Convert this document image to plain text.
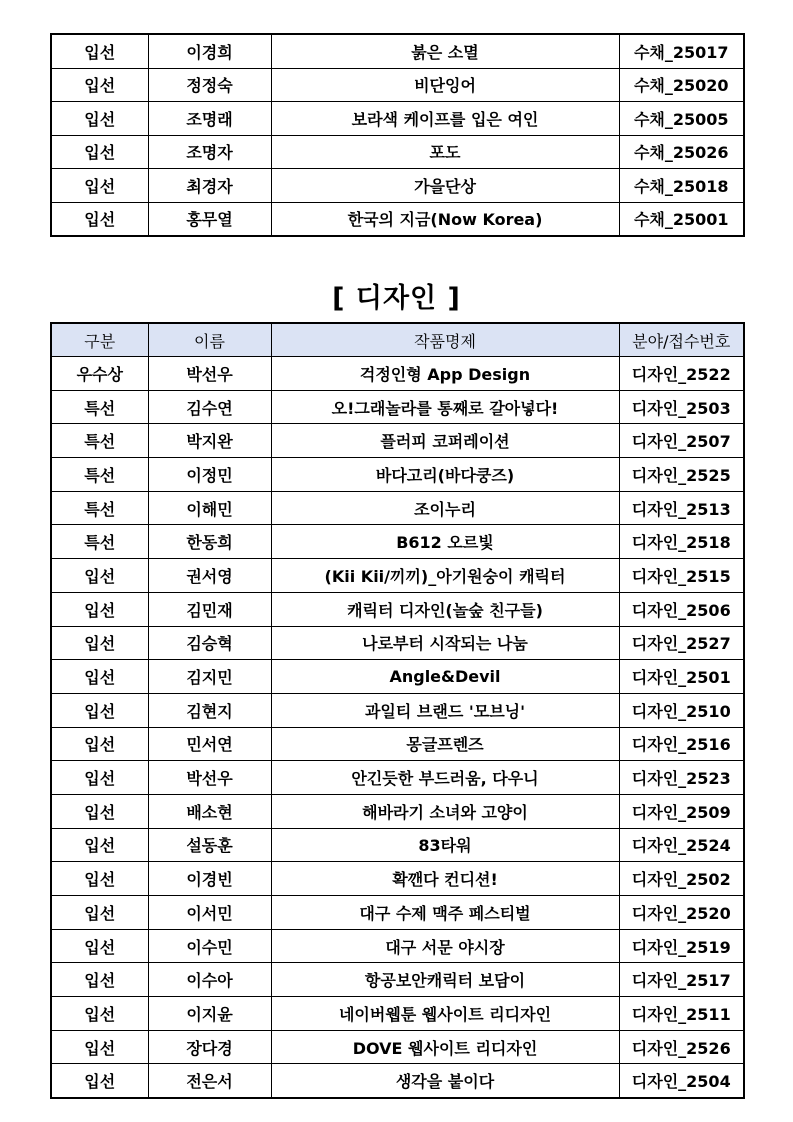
입선	이경희	붉은 소멸	수채_25017
입선	정정숙	비단잉어	수채_25020
입선	조명래	보라색 케이프를 입은 여인	수채_25005
입선	조명자	포도	수채_25026
입선	최경자	가을단상	수채_25018
입선	홍무열	한국의 지금(Now Korea)	수채_25001
[ 디자인 ]
구분	이름	작품명제	분야/접수번호
우수상	박선우	걱정인형 App Design	디자인_2522
특선	김수연	오!그래놀라를 통째로 갈아넣다!	디자인_2503
특선	박지완	플러피 코퍼레이션	디자인_2507
특선	이정민	바다고리(바다쿵즈)	디자인_2525
특선	이해민	조이누리	디자인_2513
특선	한동희	B612 오르빛	디자인_2518
입선	권서영	(Kii Kii/끼끼)_아기원숭이 캐릭터	디자인_2515
입선	김민재	캐릭터 디자인(놀숲 친구들)	디자인_2506
입선	김승혁	나로부터 시작되는 나눔	디자인_2527
입선	김지민	Angle&Devil	디자인_2501
입선	김현지	과일티 브랜드 '모브닝'	디자인_2510
입선	민서연	몽글프렌즈	디자인_2516
입선	박선우	안긴듯한 부드러움, 다우니	디자인_2523
입선	배소현	해바라기 소녀와 고양이	디자인_2509
입선	설동훈	83타워	디자인_2524
입선	이경빈	확깬다 컨디션!	디자인_2502
입선	이서민	대구 수제 맥주 페스티벌	디자인_2520
입선	이수민	대구 서문 야시장	디자인_2519
입선	이수아	항공보안캐릭터 보담이	디자인_2517
입선	이지윤	네이버웹툰 웹사이트 리디자인	디자인_2511
입선	장다경	DOVE 웹사이트 리디자인	디자인_2526
입선	전은서	생각을 붙이다	디자인_2504
